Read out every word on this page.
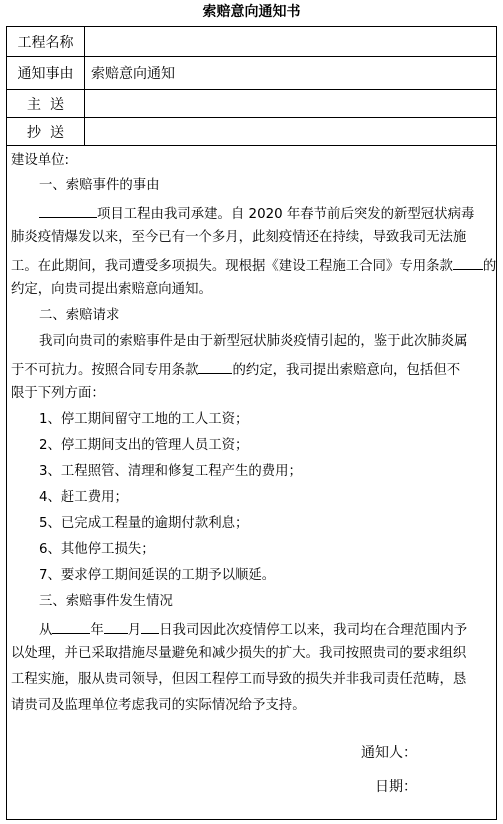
索赔意向通知书
工程名称
通知事由	索赔意向通知
主  送
抄  送
建设单位:
一、索赔事件的事由
项目工程由我司承建。自 2020 年春节前后突发的新型冠状病毒
肺炎疫情爆发以来，至今已有一个多月，此刻疫情还在持续，导致我司无法施
工。在此期间，我司遭受多项损失。现根据《建设工程施工合同》专用条款 的
约定，向贵司提出索赔意向通知。
二、索赔请求
我司向贵司的索赔事件是由于新型冠状肺炎疫情引起的，鉴于此次肺炎属
于不可抗力。按照合同专用条款	的约定，我司提出索赔意向，包括但不
限于下列方面：
1、停工期间留守工地的工人工资；
2、停工期间支出的管理人员工资；
3、工程照管、清理和修复工程产生的费用；
4、赶工费用；
5、已完成工程量的逾期付款利息；
6、其他停工损失；
7、要求停工期间延误的工期予以顺延。
三、索赔事件发生情况
从	年 月 日我司因此次疫情停工以来，我司均在合理范围内予
以处理，并已采取措施尽量避免和减少损失的扩大。我司按照贵司的要求组织
工程实施，服从贵司领导，但因工程停工而导致的损失并非我司责任范畴，恳
请贵司及监理单位考虑我司的实际情况给予支持。
通知人：
日期：
